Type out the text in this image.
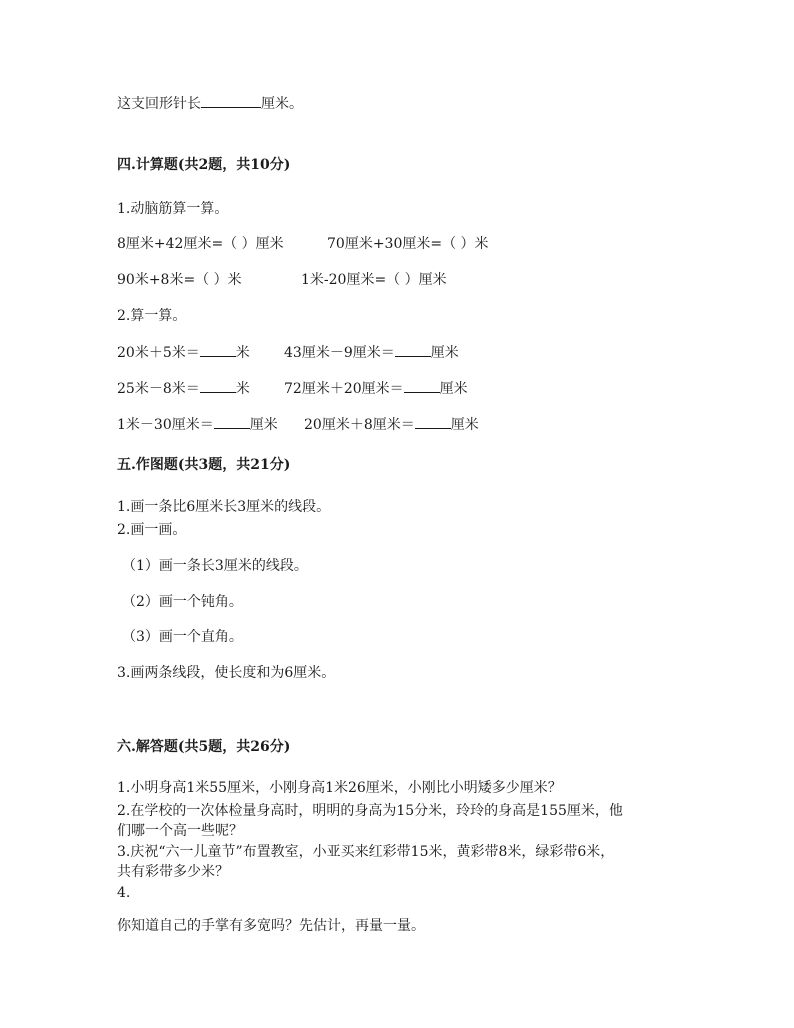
这支回形针长	厘米。
四.计算题(共2题，共10分)
1.动脑筋算一算。
8厘米+42厘米=（ ）厘米	70厘米+30厘米=（ ）米
90米+8米=（ ）米	1米-20厘米=（ ）厘米
2.算一算。
20米＋5米＝	米 43厘米－9厘米＝	厘米
25米－8米＝	米 72厘米＋20厘米＝	厘米
1米－30厘米＝	厘米 20厘米＋8厘米＝	厘米
五.作图题(共3题，共21分)
1.画一条比6厘米长3厘米的线段。
2.画一画。
（1）画一条长3厘米的线段。
（2）画一个钝角。
（3）画一个直角。
3.画两条线段，使长度和为6厘米。
六.解答题(共5题，共26分)
1.小明身高1米55厘米，小刚身高1米26厘米，小刚比小明矮多少厘米？
2.在学校的一次体检量身高时，明明的身高为15分米，玲玲的身高是155厘米，他
们哪一个高一些呢？
3.庆祝“六一儿童节”布置教室，小亚买来红彩带15米，黄彩带8米，绿彩带6米，
共有彩带多少米？
4.
你知道自己的手掌有多宽吗？先估计，再量一量。
